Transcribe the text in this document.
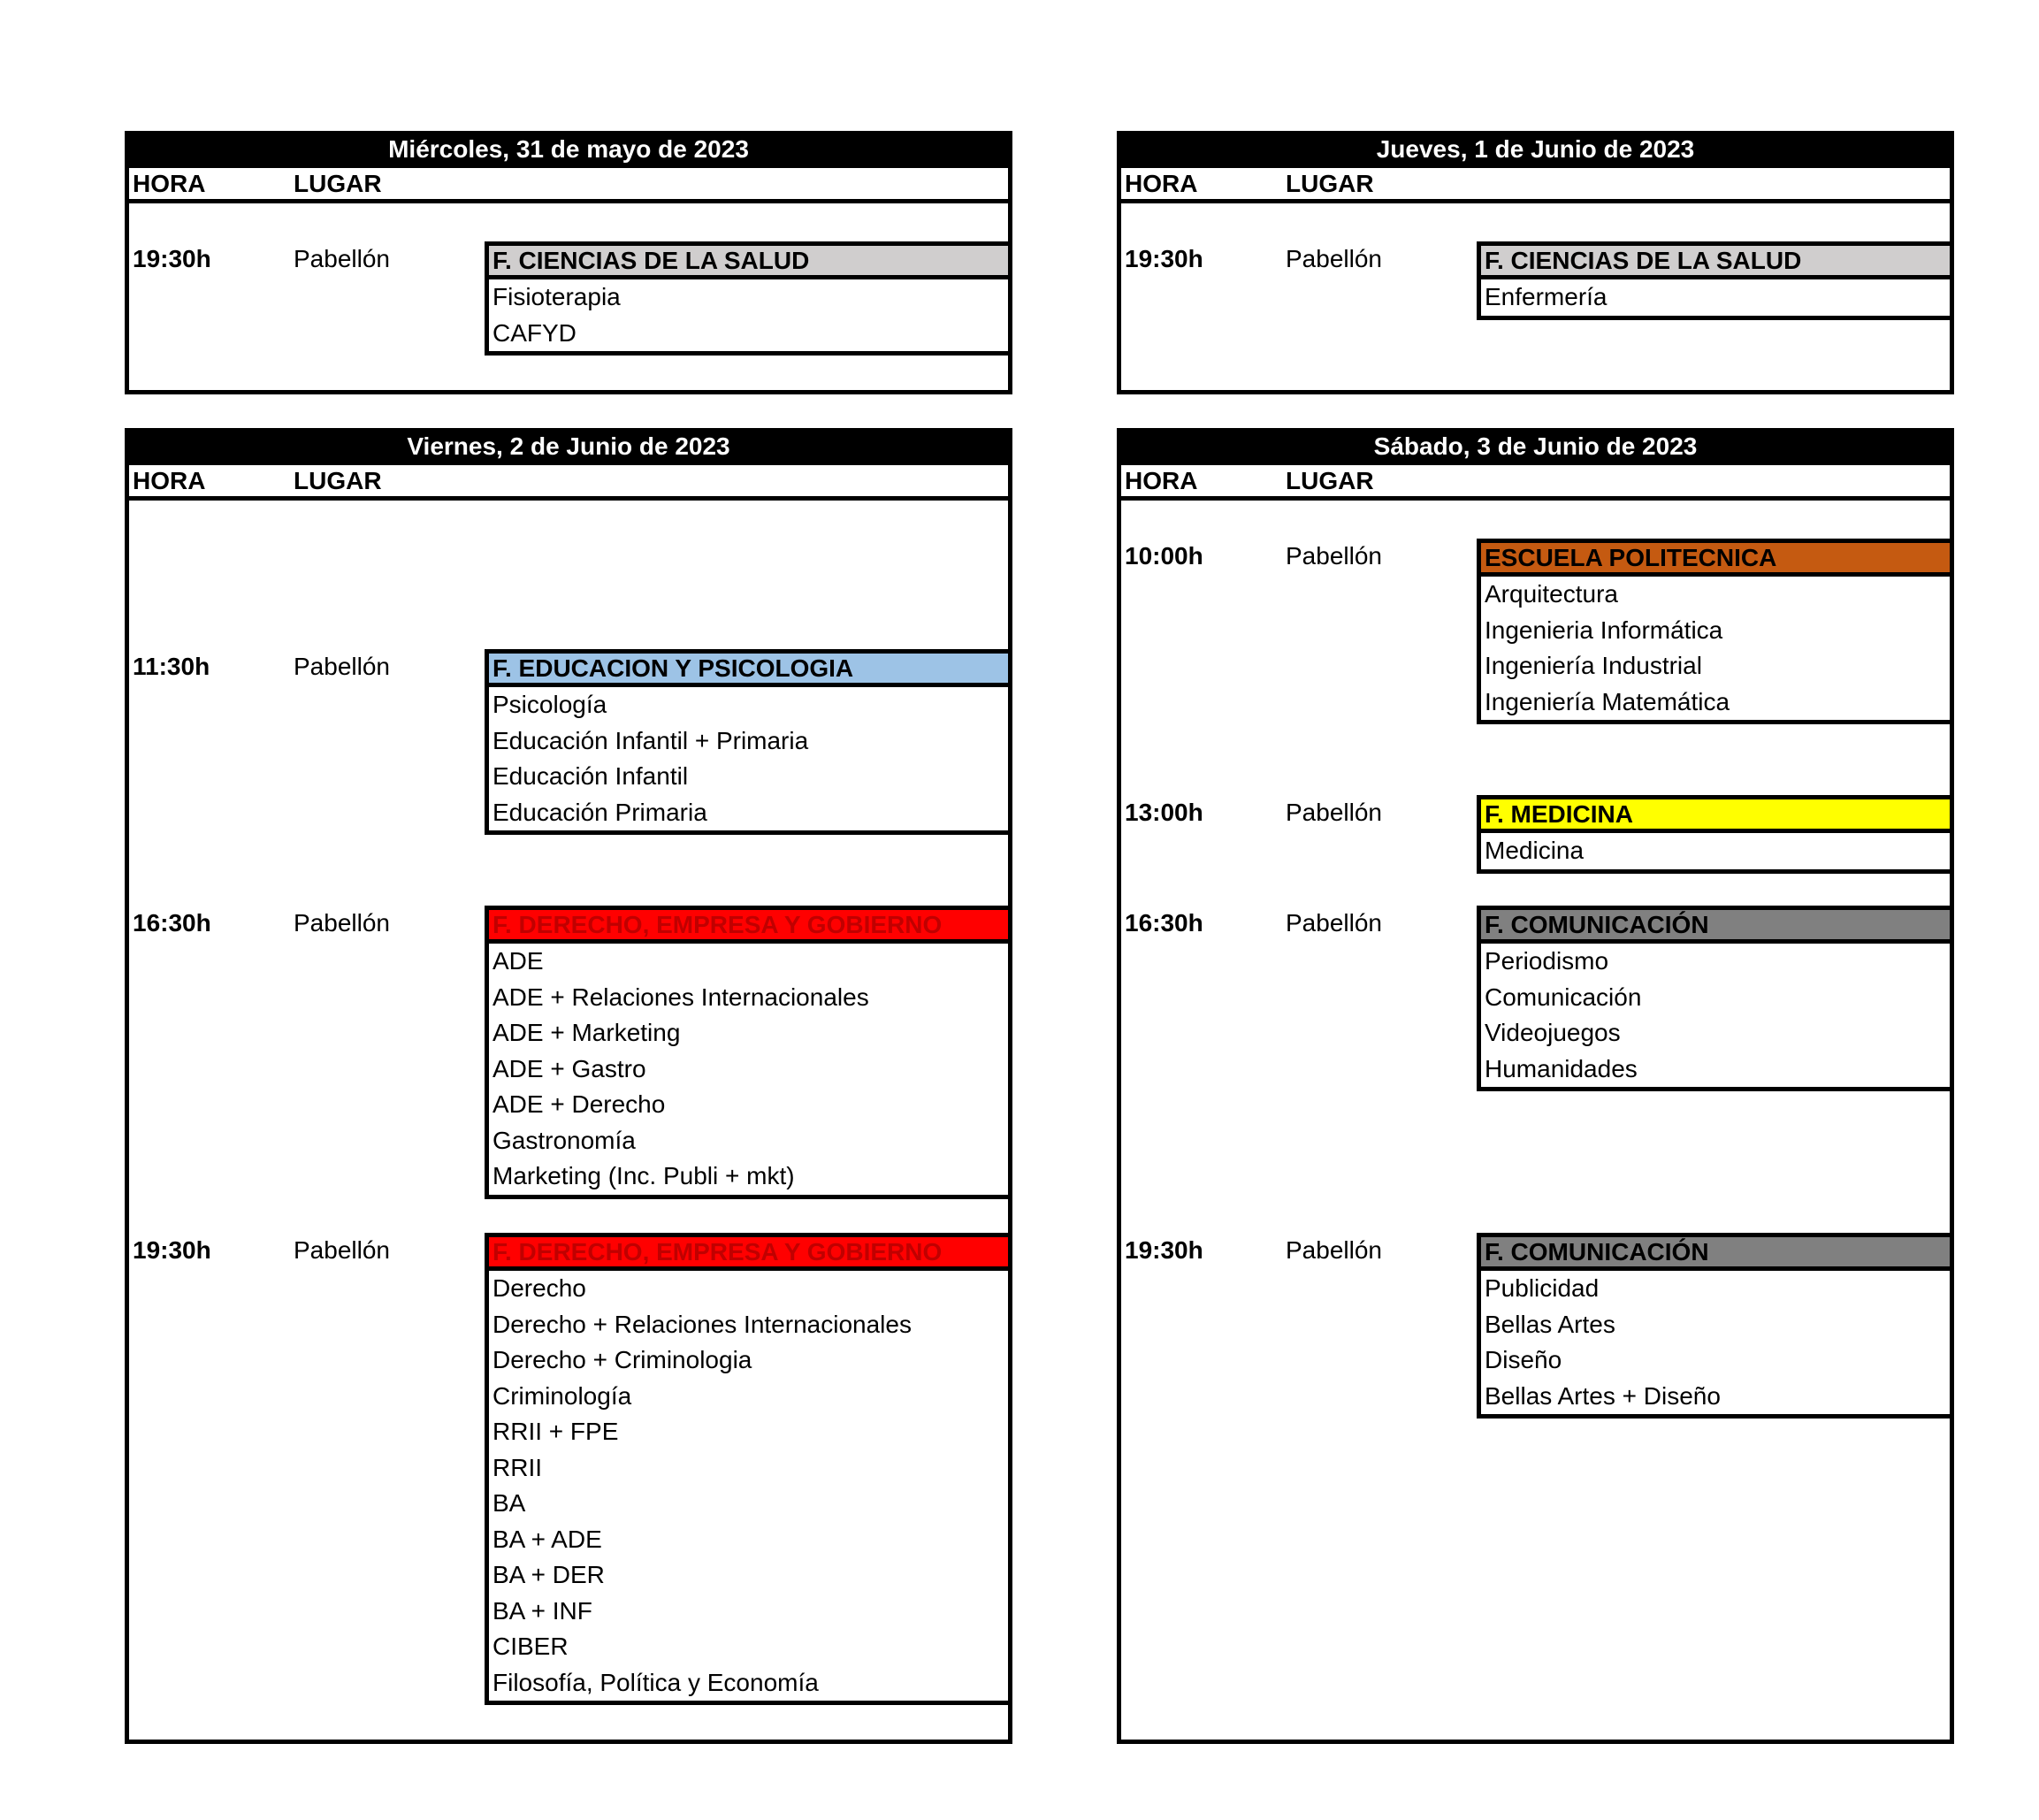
Miércoles, 31 de mayo de 2023
HORA	LUGAR
19:30h	Pabellón	F. CIENCIAS DE LA SALUD
Fisioterapia
CAFYD
Jueves, 1 de Junio de 2023
HORA	LUGAR
19:30h	Pabellón	F. CIENCIAS DE LA SALUD
Enfermería
Viernes, 2 de Junio de 2023
HORA	LUGAR
11:30h	Pabellón	F. EDUCACION Y PSICOLOGIA
Psicología
Educación Infantil + Primaria
Educación Infantil
Educación Primaria
16:30h	Pabellón	F. DERECHO, EMPRESA Y GOBIERNO
ADE
ADE + Relaciones Internacionales
ADE + Marketing
ADE + Gastro
ADE + Derecho
Gastronomía
Marketing (Inc. Publi + mkt)
19:30h	Pabellón	F. DERECHO, EMPRESA Y GOBIERNO
Derecho
Derecho + Relaciones Internacionales
Derecho + Criminologia
Criminología
RRII + FPE
RRII
BA
BA + ADE
BA + DER
BA + INF
CIBER
Filosofía, Política y Economía
Sábado, 3 de Junio de 2023
HORA	LUGAR
10:00h	Pabellón	ESCUELA POLITECNICA
Arquitectura
Ingenieria Informática
Ingeniería Industrial
Ingeniería Matemática
13:00h	Pabellón	F. MEDICINA
Medicina
16:30h	Pabellón	F. COMUNICACIÓN
Periodismo
Comunicación
Videojuegos
Humanidades
19:30h	Pabellón	F. COMUNICACIÓN
Publicidad
Bellas Artes
Diseño
Bellas Artes + Diseño
